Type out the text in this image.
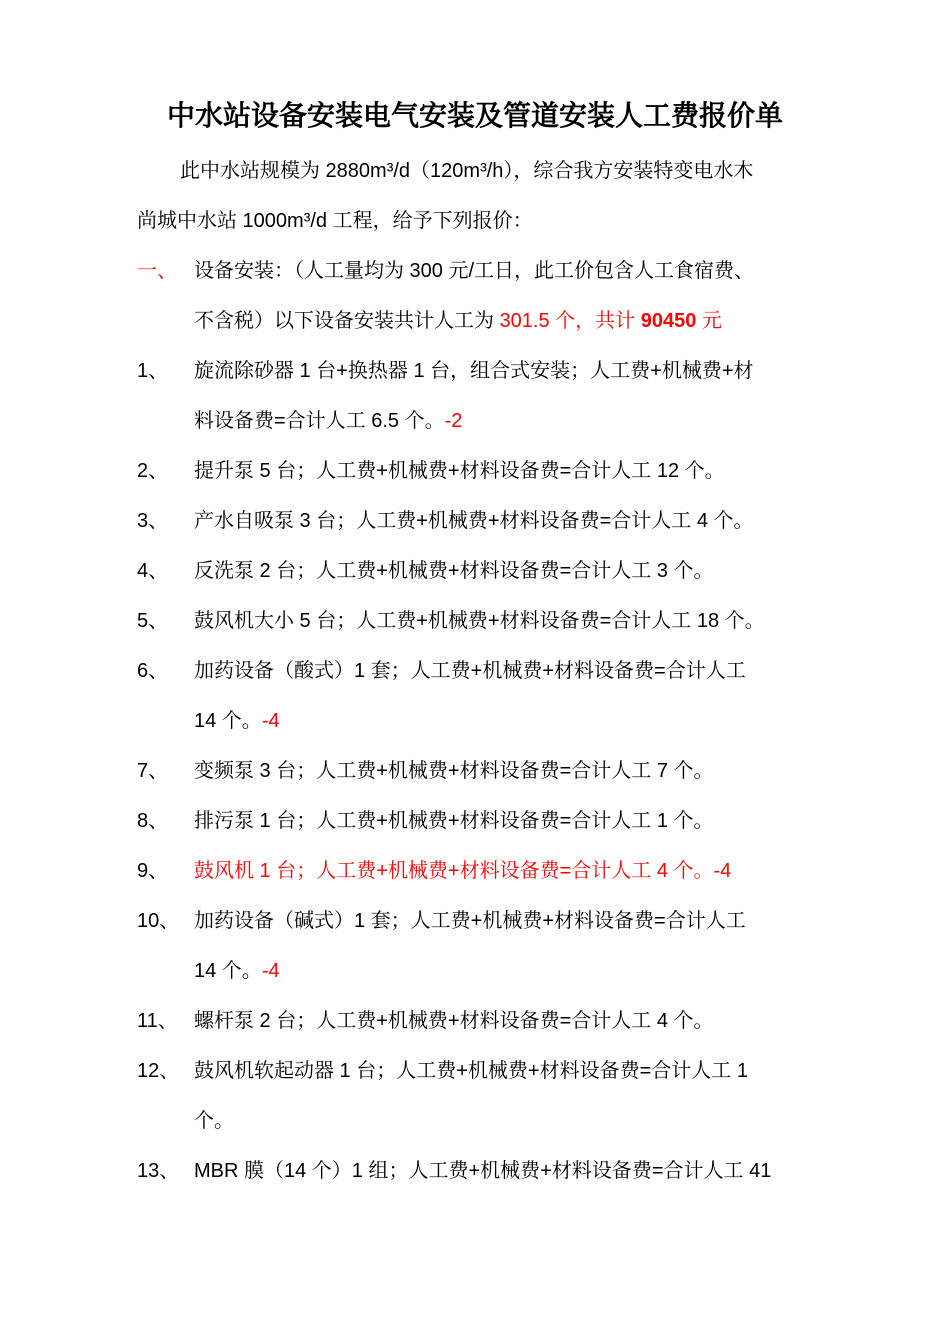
中水站设备安装电气安装及管道安装人工费报价单
此中水站规模为 2880m³/d（120m³/h），综合我方安装特变电水木
尚城中水站 1000m³/d 工程，给予下列报价：
一、 设备安装：（人工量均为 300 元/工日，此工价包含人工食宿费、
不含税）以下设备安装共计人工为 301.5 个，共计 90450 元
1、 旋流除砂器 1 台+换热器 1 台，组合式安装；人工费+机械费+材
料设备费=合计人工 6.5 个。-2
2、 提升泵 5 台；人工费+机械费+材料设备费=合计人工 12 个。
3、 产水自吸泵 3 台；人工费+机械费+材料设备费=合计人工 4 个。
4、 反洗泵 2 台；人工费+机械费+材料设备费=合计人工 3 个。
5、 鼓风机大小 5 台；人工费+机械费+材料设备费=合计人工 18 个。
6、 加药设备（酸式）1 套；人工费+机械费+材料设备费=合计人工
14 个。-4
7、 变频泵 3 台；人工费+机械费+材料设备费=合计人工 7 个。
8、 排污泵 1 台；人工费+机械费+材料设备费=合计人工 1 个。
9、 鼓风机 1 台；人工费+机械费+材料设备费=合计人工 4 个。-4
10、 加药设备（碱式）1 套；人工费+机械费+材料设备费=合计人工
14 个。-4
11、 螺杆泵 2 台；人工费+机械费+材料设备费=合计人工 4 个。
12、 鼓风机软起动器 1 台；人工费+机械费+材料设备费=合计人工 1
个。
13、 MBR 膜（14 个）1 组；人工费+机械费+材料设备费=合计人工 41
